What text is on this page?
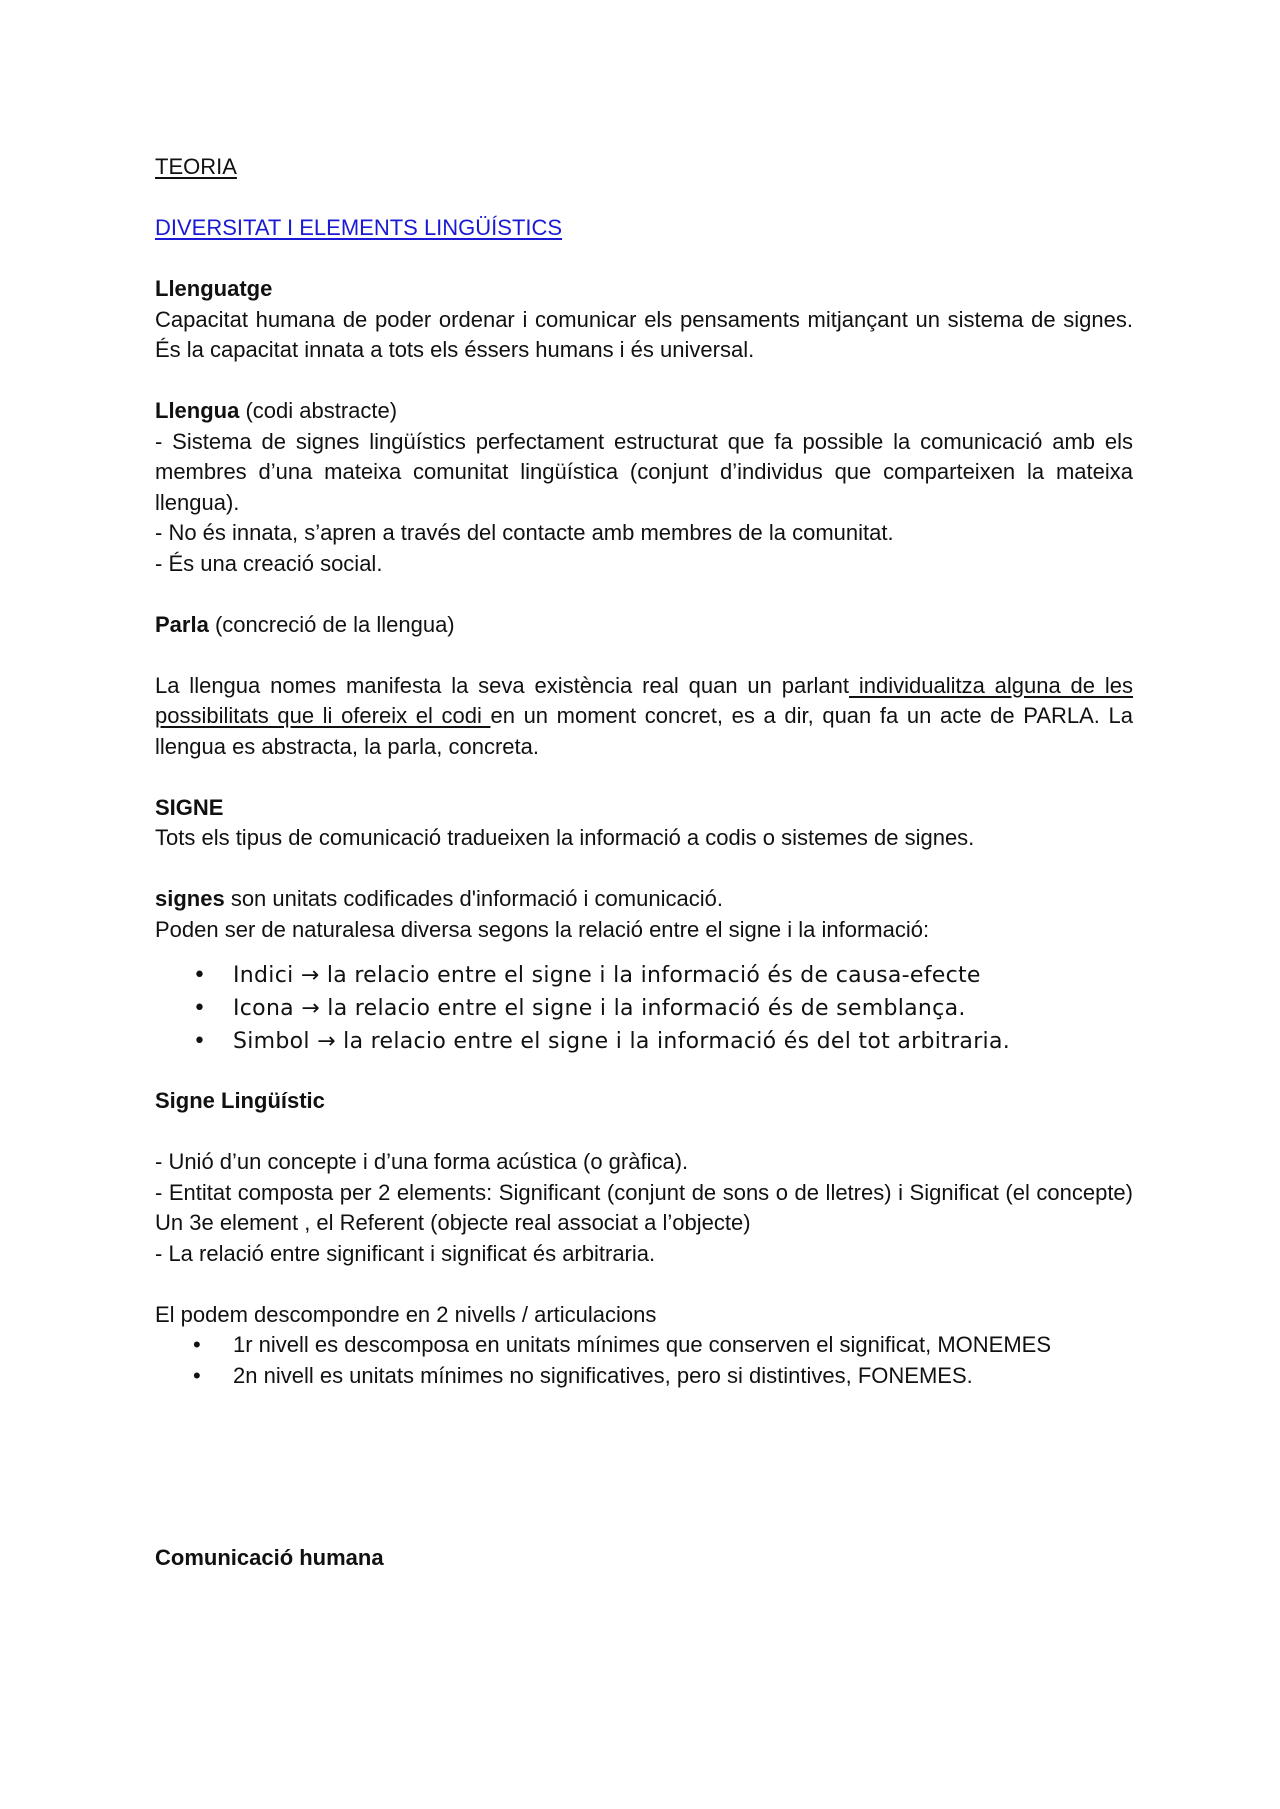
TEORIA

DIVERSITAT I ELEMENTS LINGÜÍSTICS

Llenguatge

Capacitat humana de poder ordenar i comunicar els pensaments mitjançant un sistema de signes. És la capacitat innata a tots els éssers humans i és universal.

Llengua (codi abstracte)

- Sistema de signes lingüístics perfectament estructurat que fa possible la comunicació amb els membres d’una mateixa comunitat lingüística (conjunt d’individus que comparteixen la mateixa llengua).

- No és innata, s’apren a través del contacte amb membres de la comunitat.

- És una creació social.

Parla (concreció de la llengua)

La llengua nomes manifesta la seva existència real quan un parlant individualitza alguna de les possibilitats que li ofereix el codi en un moment concret, es a dir, quan fa un acte de PARLA. La llengua es abstracta, la parla, concreta.

SIGNE

Tots els tipus de comunicació tradueixen la informació a codis o sistemes de signes.

signes son unitats codificades d'informació i comunicació.

Poden ser de naturalesa diversa segons la relació entre el signe i la informació:

• Indici → la relacio entre el signe i la informació és de causa-efecte
• Icona → la relacio entre el signe i la informació és de semblança.
• Simbol → la relacio entre el signe i la informació és del tot arbitraria.

Signe Lingüístic

- Unió d’un concepte i d’una forma acústica (o gràfica).

- Entitat composta per 2 elements: Significant (conjunt de sons o de lletres) i Significat (el concepte) Un 3e element , el Referent (objecte real associat a l’objecte)

- La relació entre significant i significat és arbitraria.

El podem descompondre en 2 nivells / articulacions

• 1r nivell es descomposa en unitats mínimes que conserven el significat, MONEMES
• 2n nivell es unitats mínimes no significatives, pero si distintives, FONEMES.

Comunicació humana
